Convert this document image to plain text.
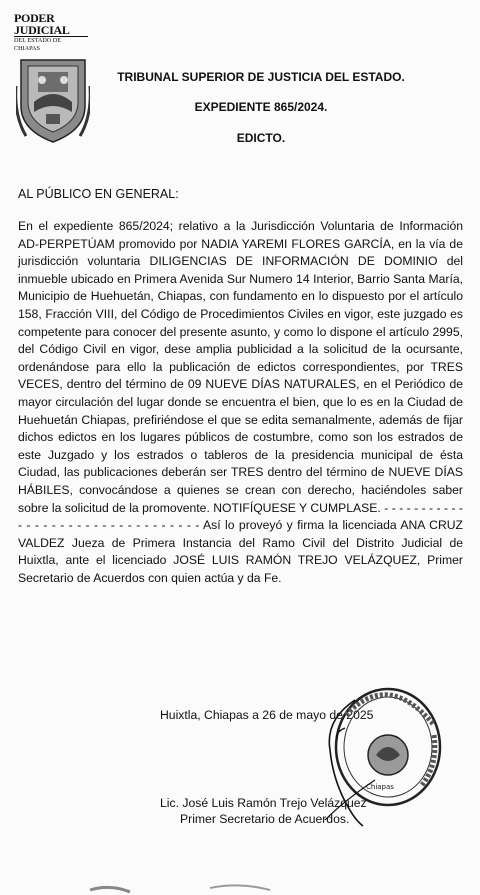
PODER JUDICIAL
DEL ESTADO DE CHIAPAS
TRIBUNAL SUPERIOR DE JUSTICIA DEL ESTADO.
EXPEDIENTE 865/2024.
EDICTO.
AL PÚBLICO EN GENERAL:

En el expediente 865/2024; relativo a la Jurisdicción Voluntaria de Información AD-PERPETÚAM promovido por NADIA YAREMI FLORES GARCÍA, en la vía de jurisdicción voluntaria DILIGENCIAS DE INFORMACIÓN DE DOMINIO del inmueble ubicado en Primera Avenida Sur Numero 14 Interior, Barrio Santa María, Municipio de Huehuetán, Chiapas, con fundamento en lo dispuesto por el artículo 158, Fracción VIII, del Código de Procedimientos Civiles en vigor, este juzgado es competente para conocer del presente asunto, y como lo dispone el artículo 2995, del Código Civil en vigor, dese amplia publicidad a la solicitud de la ocursante, ordenándose para ello la publicación de edictos correspondientes, por TRES VECES, dentro del término de 09 NUEVE DÍAS NATURALES, en el Periódico de mayor circulación del lugar donde se encuentra el bien, que lo es en la Ciudad de Huehuetán Chiapas, prefiriéndose el que se edita semanalmente, además de fijar dichos edictos en los lugares públicos de costumbre, como son los estrados de este Juzgado y los estrados o tableros de la presidencia municipal de ésta Ciudad, las publicaciones deberán ser TRES dentro del término de NUEVE DÍAS HÁBILES, convocándose a quienes se crean con derecho, haciéndoles saber sobre la solicitud de la promovente. NOTIFÍQUESE Y CUMPLASE. - - - - - - - - - - - - - - - - - - - - - - - - - - - - - - - - - Así lo proveyó y firma la licenciada ANA CRUZ VALDEZ Jueza de Primera Instancia del Ramo Civil del Distrito Judicial de Huixtla, ante el licenciado JOSÉ LUIS RAMÓN TREJO VELÁZQUEZ, Primer Secretario de Acuerdos con quien actúa y da Fe.

Huixtla, Chiapas a 26 de mayo de 2025
Chiapas
Lic. José Luis Ramón Trejo Velázquez
Primer Secretario de Acuerdos.
